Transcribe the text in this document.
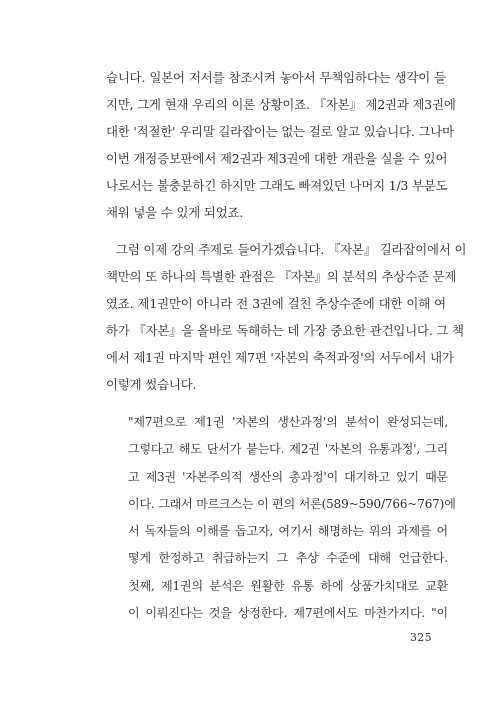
습니다. 일본어 저서를 참조시켜 놓아서 무책임하다는 생각이 들
지만, 그게 현재 우리의 이론 상황이죠. 『자본』 제2권과 제3권에
대한 '적절한' 우리말 길라잡이는 없는 걸로 알고 있습니다. 그나마
이번 개정증보판에서 제2권과 제3권에 대한 개관을 실을 수 있어
나로서는 불충분하긴 하지만 그래도 빠져있던 나머지 1/3 부분도
채워 넣을 수 있게 되었죠.
그럼 이제 강의 주제로 들어가겠습니다. 『자본』 길라잡이에서 이
책만의 또 하나의 특별한 관점은 『자본』의 분석의 추상수준 문제
였죠. 제1권만이 아니라 전 3권에 걸친 추상수준에 대한 이해 여
하가 『자본』을 올바로 독해하는 데 가장 중요한 관건입니다. 그 책
에서 제1권 마지막 편인 제7편 '자본의 축적과정'의 서두에서 내가
이렇게 썼습니다.
"제7편으로 제1권 '자본의 생산과정'의 분석이 완성되는데,
그렇다고 해도 단서가 붙는다. 제2권 '자본의 유통과정', 그리
고 제3권 '자본주의적 생산의 총과정'이 대기하고 있기 때문
이다. 그래서 마르크스는 이 편의 서론(589~590/766~767)에
서 독자들의 이해를 돕고자, 여기서 해명하는 위의 과제를 어
떻게 한정하고 취급하는지 그 추상 수준에 대해 언급한다.
첫째, 제1권의 분석은 원활한 유통 하에 상품가치대로 교환
이 이뤄진다는 것을 상정한다. 제7편에서도 마찬가지다. "이
325
